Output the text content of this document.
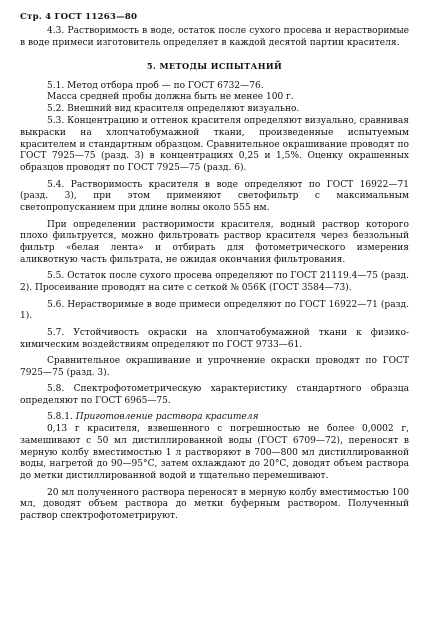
Стр. 4 ГОСТ 11263—80

4.3. Растворимость в воде, остаток после сухого просева и нерастворимые в воде примеси изготовитель определяет в каждой десятой партии красителя.

5. МЕТОДЫ ИСПЫТАНИЙ

5.1. Метод отбора проб — по ГОСТ 6732—76.

Масса средней пробы должна быть не менее 100 г.

5.2. Внешний вид красителя определяют визуально.

5.3. Концентрацию и оттенок красителя определяют визуально, сравнивая выкраски на хлопчатобумажной ткани, произведенные испытуемым красителем и стандартным образцом. Сравнительное окрашивание проводят по ГОСТ 7925—75 (разд. 3) в концентрациях 0,25 и 1,5%. Оценку окрашенных образцов проводят по ГОСТ 7925—75 (разд. 6).

5.4. Растворимость красителя в воде определяют по ГОСТ 16922—71 (разд. 3), при этом применяют светофильтр с максимальным светопропусканием при длине волны около 555 нм.

При определении растворимости красителя, водный раствор которого плохо фильтруется, можно фильтровать раствор красителя через беззольный фильтр «белая лента» и отбирать для фотометрического измерения аликвотную часть фильтрата, не ожидая окончания фильтрования.

5.5. Остаток после сухого просева определяют по ГОСТ 21119.4—75 (разд. 2). Просеивание проводят на сите с сеткой № 056К (ГОСТ 3584—73).

5.6. Нерастворимые в воде примеси определяют по ГОСТ 16922—71 (разд. 1).

5.7. Устойчивость окраски на хлопчатобумажной ткани к физико-химическим воздействиям определяют по ГОСТ 9733—61.

Сравнительное окрашивание и упрочнение окраски проводят по ГОСТ 7925—75 (разд. 3).

5.8. Спектрофотометрическую характеристику стандартного образца определяют по ГОСТ 6965—75.

5.8.1. Приготовление раствора красителя

0,13 г красителя, взвешенного с погрешностью не более 0,0002 г, замешивают с 50 мл дистиллированной воды (ГОСТ 6709—72), переносят в мерную колбу вместимостью 1 л растворяют в 700—800 мл дистиллированной воды, нагретой до 90—95°С, затем охлаждают до 20°С, доводят объем раствора до метки дистиллированной водой и тщательно перемешивают.

20 мл полученного раствора переносят в мерную колбу вместимостью 100 мл, доводят объем раствора до метки буферным раствором. Полученный раствор спектрофотометрируют.
